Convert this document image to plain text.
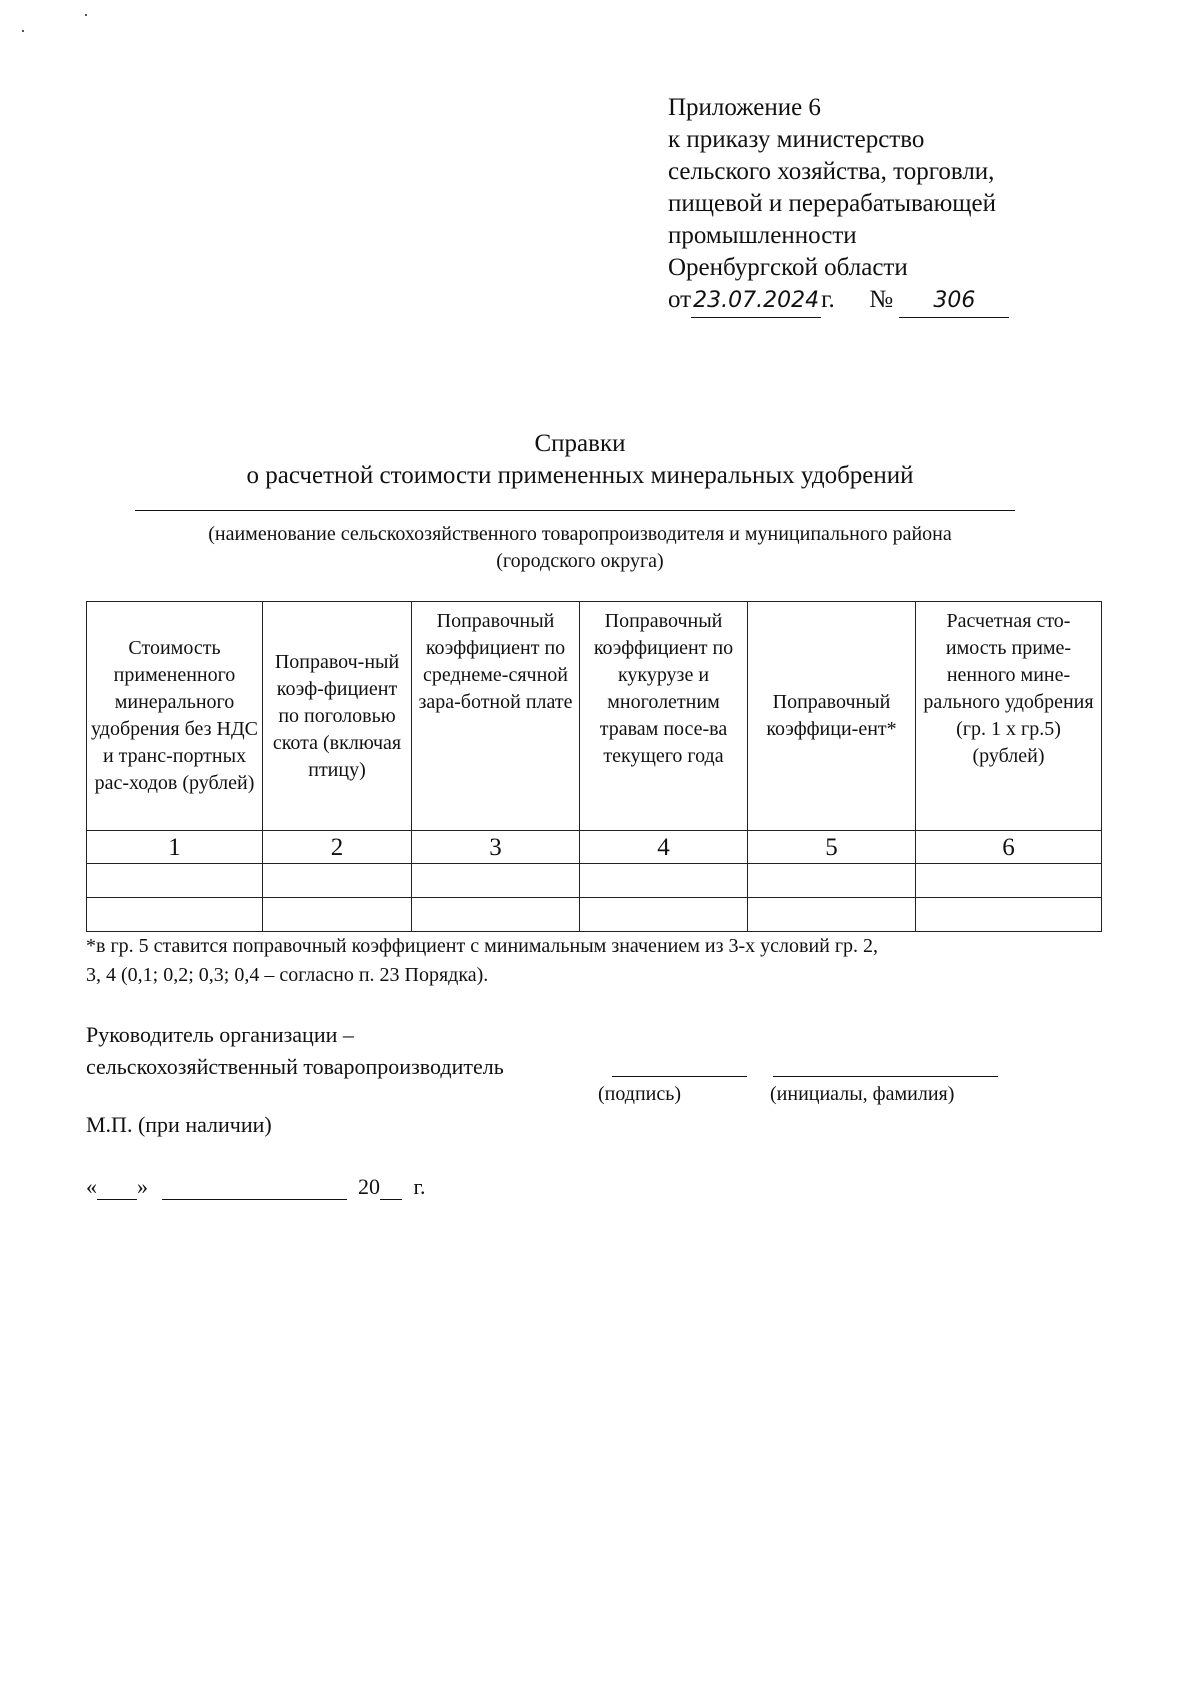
Приложение 6
к приказу министерство
сельского хозяйства, торговли,
пищевой и перерабатывающей
промышленности
Оренбургской области
от23.07.2024г. № 306
Справки
о расчетной стоимости примененных минеральных удобрений
(наименование сельскохозяйственного товаропроизводителя и муниципального района
(городского округа)
Стоимость примененного минерального удобрения без НДС и транс-портных рас-ходов (рублей)	Поправоч-ный коэф-фициент по поголовью скота (включая птицу)	Поправочный коэффициент по среднеме-сячной зара-ботной плате	Поправочный коэффициент по кукурузе и многолетним травам посе-ва текущего года	Поправочный коэффици-ент*	Расчетная сто-имость приме-ненного мине-рального удобрения (гр. 1 х гр.5) (рублей)
1	2	3	4	5	6

*в гр. 5 ставится поправочный коэффициент с минимальным значением из 3-х условий гр. 2,
3, 4 (0,1; 0,2; 0,3; 0,4 – согласно п. 23 Порядка).
Руководитель организации –
сельскохозяйственный товаропроизводитель
(подпись)	(инициалы, фамилия)
М.П. (при наличии)
« »	20 г.
